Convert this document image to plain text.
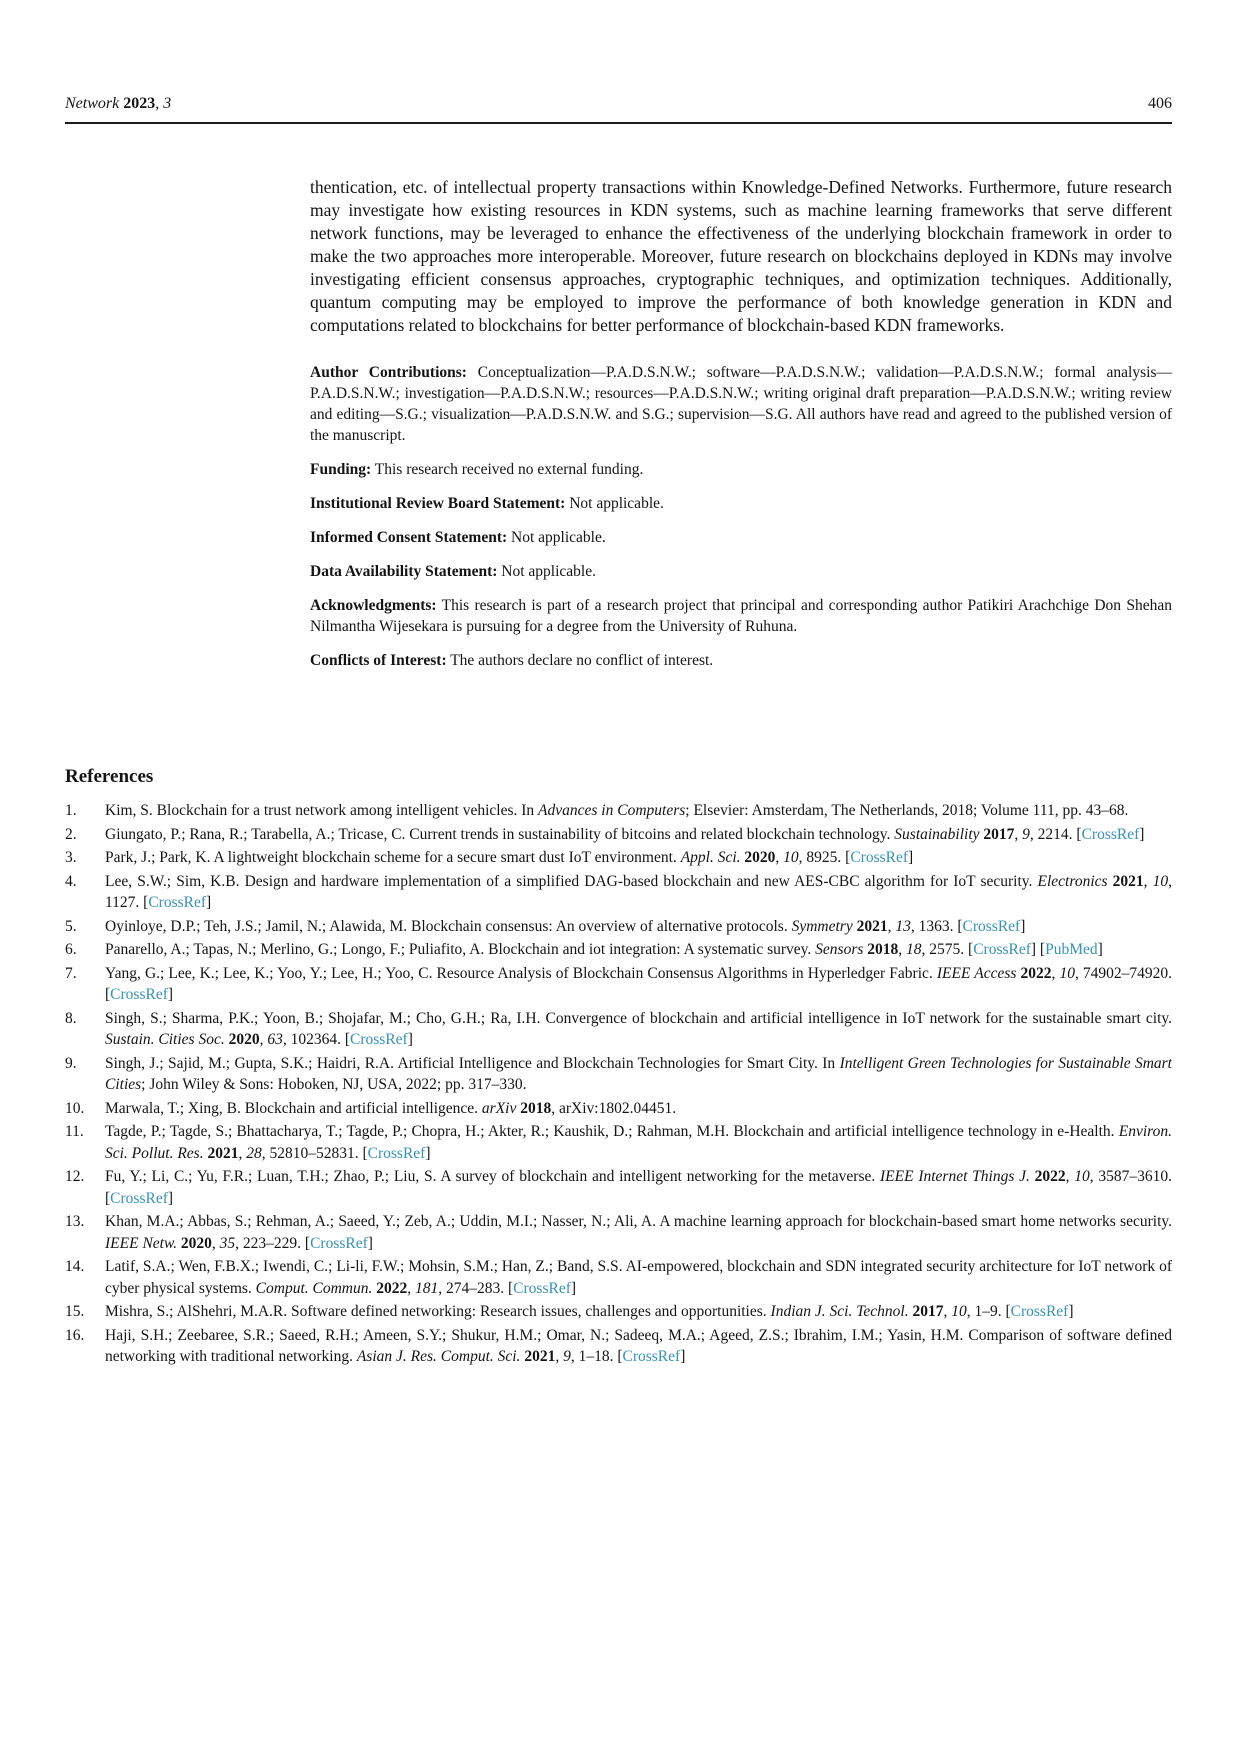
Network 2023, 3	406

thentication, etc. of intellectual property transactions within Knowledge-Defined Networks. Furthermore, future research may investigate how existing resources in KDN systems, such as machine learning frameworks that serve different network functions, may be leveraged to enhance the effectiveness of the underlying blockchain framework in order to make the two approaches more interoperable. Moreover, future research on blockchains deployed in KDNs may involve investigating efficient consensus approaches, cryptographic techniques, and optimization techniques. Additionally, quantum computing may be employed to improve the performance of both knowledge generation in KDN and computations related to blockchains for better performance of blockchain-based KDN frameworks.

Author Contributions: Conceptualization—P.A.D.S.N.W.; software—P.A.D.S.N.W.; validation—P.A.D.S.N.W.; formal analysis—P.A.D.S.N.W.; investigation—P.A.D.S.N.W.; resources—P.A.D.S.N.W.; writing original draft preparation—P.A.D.S.N.W.; writing review and editing—S.G.; visualization—P.A.D.S.N.W. and S.G.; supervision—S.G. All authors have read and agreed to the published version of the manuscript.

Funding: This research received no external funding.

Institutional Review Board Statement: Not applicable.

Informed Consent Statement: Not applicable.

Data Availability Statement: Not applicable.

Acknowledgments: This research is part of a research project that principal and corresponding author Patikiri Arachchige Don Shehan Nilmantha Wijesekara is pursuing for a degree from the University of Ruhuna.

Conflicts of Interest: The authors declare no conflict of interest.

References
1.	Kim, S. Blockchain for a trust network among intelligent vehicles. In Advances in Computers; Elsevier: Amsterdam, The Netherlands, 2018; Volume 111, pp. 43–68.
2.	Giungato, P.; Rana, R.; Tarabella, A.; Tricase, C. Current trends in sustainability of bitcoins and related blockchain technology. Sustainability 2017, 9, 2214. [CrossRef]
3.	Park, J.; Park, K. A lightweight blockchain scheme for a secure smart dust IoT environment. Appl. Sci. 2020, 10, 8925. [CrossRef]
4.	Lee, S.W.; Sim, K.B. Design and hardware implementation of a simplified DAG-based blockchain and new AES-CBC algorithm for IoT security. Electronics 2021, 10, 1127. [CrossRef]
5.	Oyinloye, D.P.; Teh, J.S.; Jamil, N.; Alawida, M. Blockchain consensus: An overview of alternative protocols. Symmetry 2021, 13, 1363. [CrossRef]
6.	Panarello, A.; Tapas, N.; Merlino, G.; Longo, F.; Puliafito, A. Blockchain and iot integration: A systematic survey. Sensors 2018, 18, 2575. [CrossRef] [PubMed]
7.	Yang, G.; Lee, K.; Lee, K.; Yoo, Y.; Lee, H.; Yoo, C. Resource Analysis of Blockchain Consensus Algorithms in Hyperledger Fabric. IEEE Access 2022, 10, 74902–74920. [CrossRef]
8.	Singh, S.; Sharma, P.K.; Yoon, B.; Shojafar, M.; Cho, G.H.; Ra, I.H. Convergence of blockchain and artificial intelligence in IoT network for the sustainable smart city. Sustain. Cities Soc. 2020, 63, 102364. [CrossRef]
9.	Singh, J.; Sajid, M.; Gupta, S.K.; Haidri, R.A. Artificial Intelligence and Blockchain Technologies for Smart City. In Intelligent Green Technologies for Sustainable Smart Cities; John Wiley & Sons: Hoboken, NJ, USA, 2022; pp. 317–330.
10.	Marwala, T.; Xing, B. Blockchain and artificial intelligence. arXiv 2018, arXiv:1802.04451.
11.	Tagde, P.; Tagde, S.; Bhattacharya, T.; Tagde, P.; Chopra, H.; Akter, R.; Kaushik, D.; Rahman, M.H. Blockchain and artificial intelligence technology in e-Health. Environ. Sci. Pollut. Res. 2021, 28, 52810–52831. [CrossRef]
12.	Fu, Y.; Li, C.; Yu, F.R.; Luan, T.H.; Zhao, P.; Liu, S. A survey of blockchain and intelligent networking for the metaverse. IEEE Internet Things J. 2022, 10, 3587–3610. [CrossRef]
13.	Khan, M.A.; Abbas, S.; Rehman, A.; Saeed, Y.; Zeb, A.; Uddin, M.I.; Nasser, N.; Ali, A. A machine learning approach for blockchain-based smart home networks security. IEEE Netw. 2020, 35, 223–229. [CrossRef]
14.	Latif, S.A.; Wen, F.B.X.; Iwendi, C.; Li-li, F.W.; Mohsin, S.M.; Han, Z.; Band, S.S. AI-empowered, blockchain and SDN integrated security architecture for IoT network of cyber physical systems. Comput. Commun. 2022, 181, 274–283. [CrossRef]
15.	Mishra, S.; AlShehri, M.A.R. Software defined networking: Research issues, challenges and opportunities. Indian J. Sci. Technol. 2017, 10, 1–9. [CrossRef]
16.	Haji, S.H.; Zeebaree, S.R.; Saeed, R.H.; Ameen, S.Y.; Shukur, H.M.; Omar, N.; Sadeeq, M.A.; Ageed, Z.S.; Ibrahim, I.M.; Yasin, H.M. Comparison of software defined networking with traditional networking. Asian J. Res. Comput. Sci. 2021, 9, 1–18. [CrossRef]
